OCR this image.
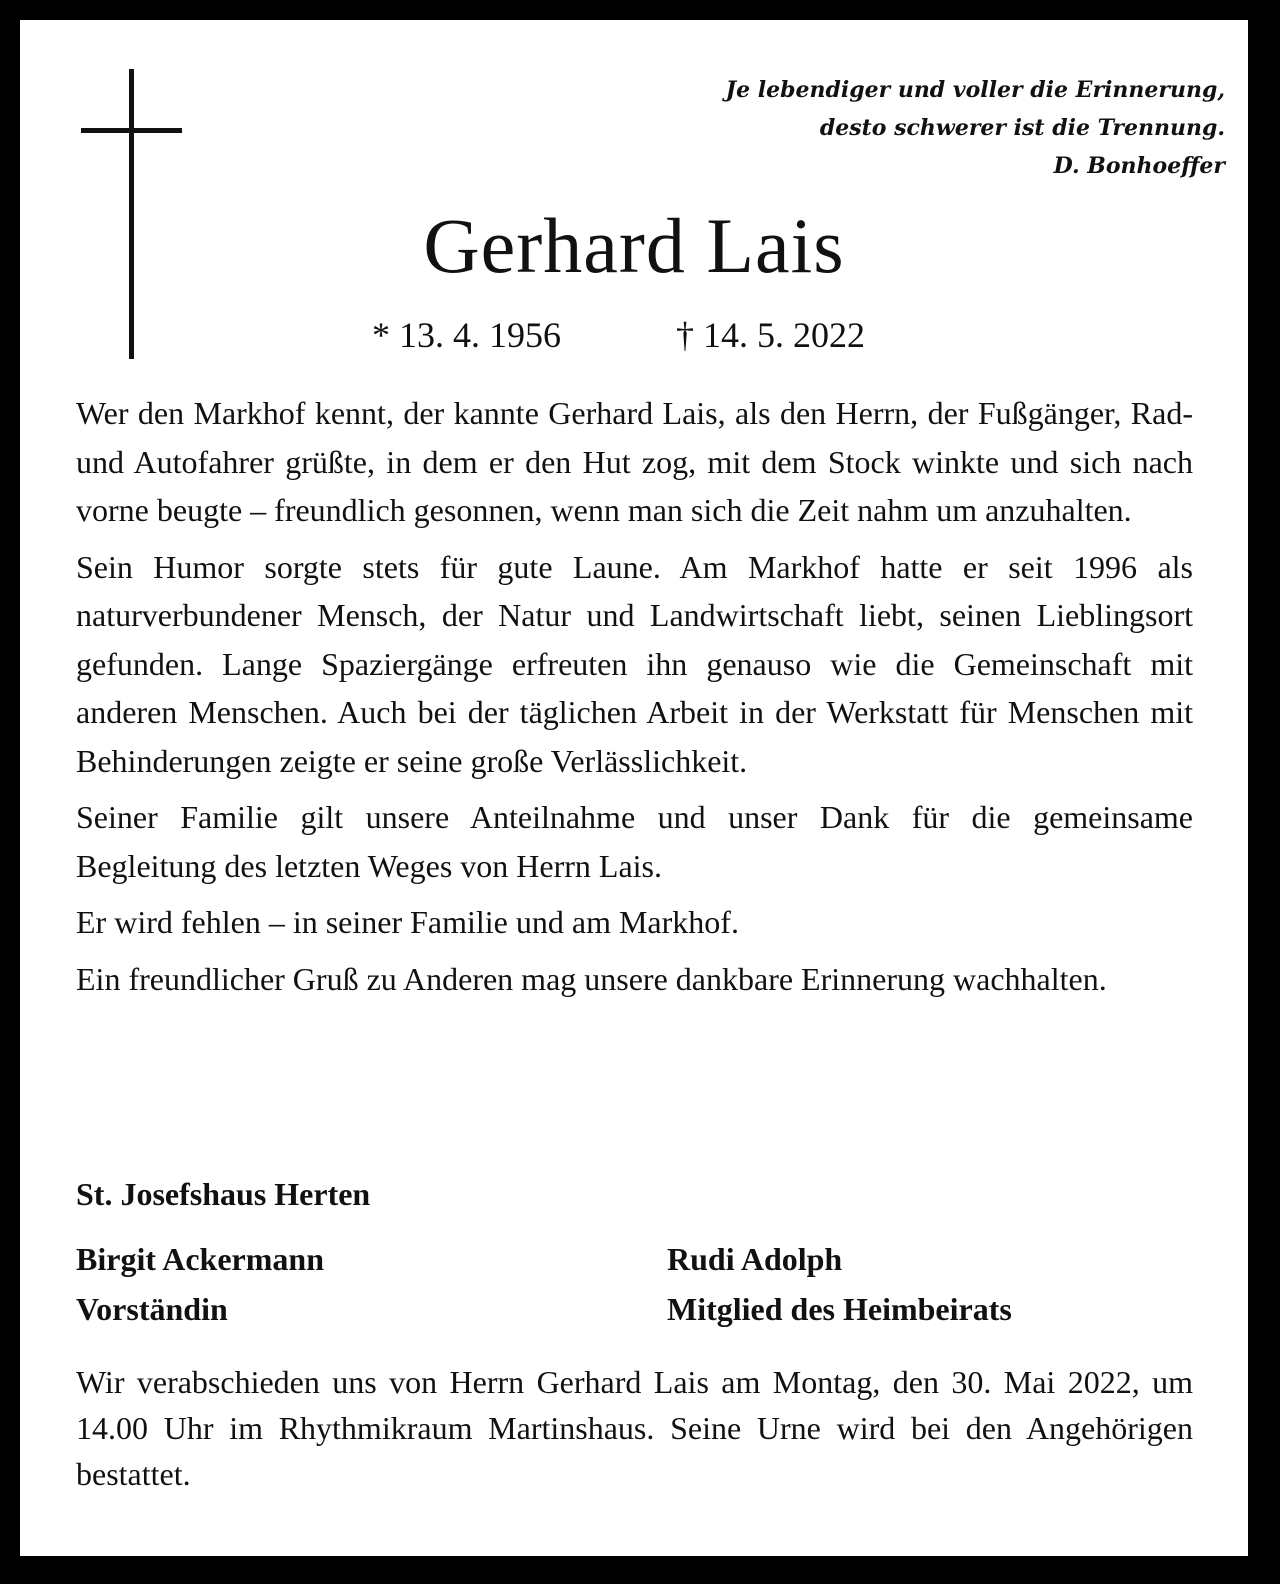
Je lebendiger und voller die Erinnerung,
desto schwerer ist die Trennung.
D. Bonhoeffer
Gerhard Lais
* 13. 4. 1956	† 14. 5. 2022

Wer den Markhof kennt, der kannte Gerhard Lais, als den Herrn, der Fußgänger, Rad- und Autofahrer grüßte, in dem er den Hut zog, mit dem Stock winkte und sich nach vorne beugte – freundlich gesonnen, wenn man sich die Zeit nahm um anzuhalten.

Sein Humor sorgte stets für gute Laune. Am Markhof hatte er seit 1996 als naturverbundener Mensch, der Natur und Landwirtschaft liebt, seinen Lieblingsort gefunden. Lange Spaziergänge erfreuten ihn genauso wie die Gemeinschaft mit anderen Menschen. Auch bei der täglichen Arbeit in der Werkstatt für Menschen mit Behinderungen zeigte er seine große Verlässlichkeit.

Seiner Familie gilt unsere Anteilnahme und unser Dank für die gemeinsame Begleitung des letzten Weges von Herrn Lais.

Er wird fehlen – in seiner Familie und am Markhof.

Ein freundlicher Gruß zu Anderen mag unsere dankbare Erinnerung wachhalten.

St. Josefshaus Herten
Birgit Ackermann
Vorständin
Rudi Adolph
Mitglied des Heimbeirats
Wir verabschieden uns von Herrn Gerhard Lais am Montag, den 30. Mai 2022, um 14.00 Uhr im Rhythmikraum Martinshaus. Seine Urne wird bei den Angehörigen bestattet.
